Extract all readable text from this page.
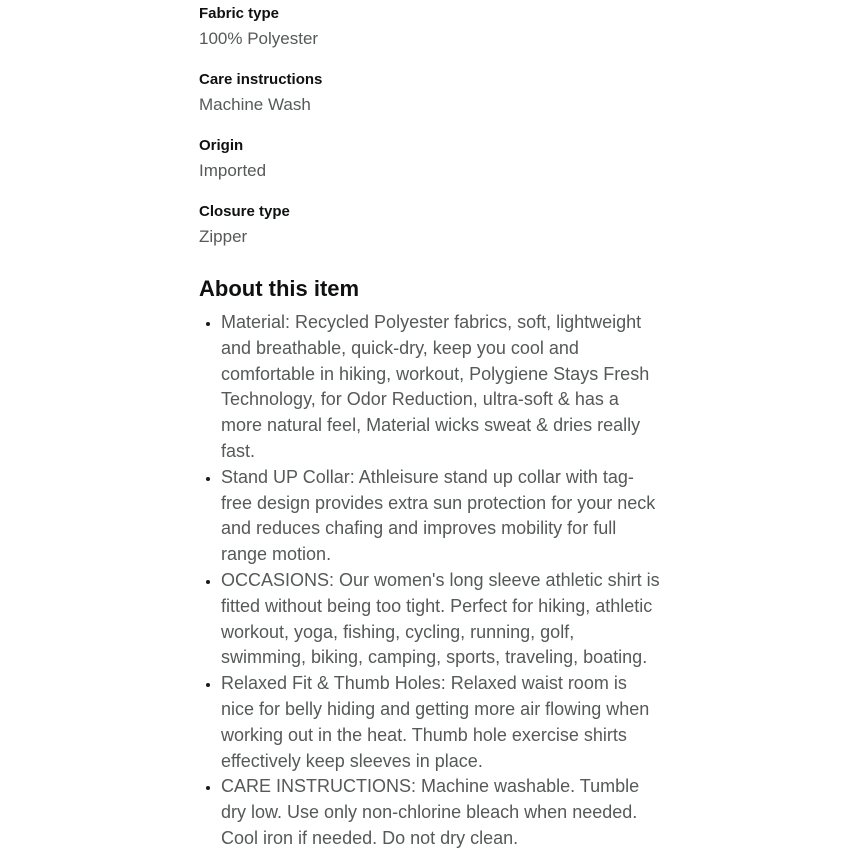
Fabric type
100% Polyester
Care instructions
Machine Wash
Origin
Imported
Closure type
Zipper
About this item
• Material: Recycled Polyester fabrics, soft, lightweight and breathable, quick-dry, keep you cool and comfortable in hiking, workout, Polygiene Stays Fresh Technology, for Odor Reduction, ultra-soft & has a more natural feel, Material wicks sweat & dries really fast.
• Stand UP Collar: Athleisure stand up collar with tag-free design provides extra sun protection for your neck and reduces chafing and improves mobility for full range motion.
• OCCASIONS: Our women's long sleeve athletic shirt is fitted without being too tight. Perfect for hiking, athletic workout, yoga, fishing, cycling, running, golf, swimming, biking, camping, sports, traveling, boating.
• Relaxed Fit & Thumb Holes: Relaxed waist room is nice for belly hiding and getting more air flowing when working out in the heat. Thumb hole exercise shirts effectively keep sleeves in place.
• CARE INSTRUCTIONS: Machine washable. Tumble dry low. Use only non-chlorine bleach when needed. Cool iron if needed. Do not dry clean.
